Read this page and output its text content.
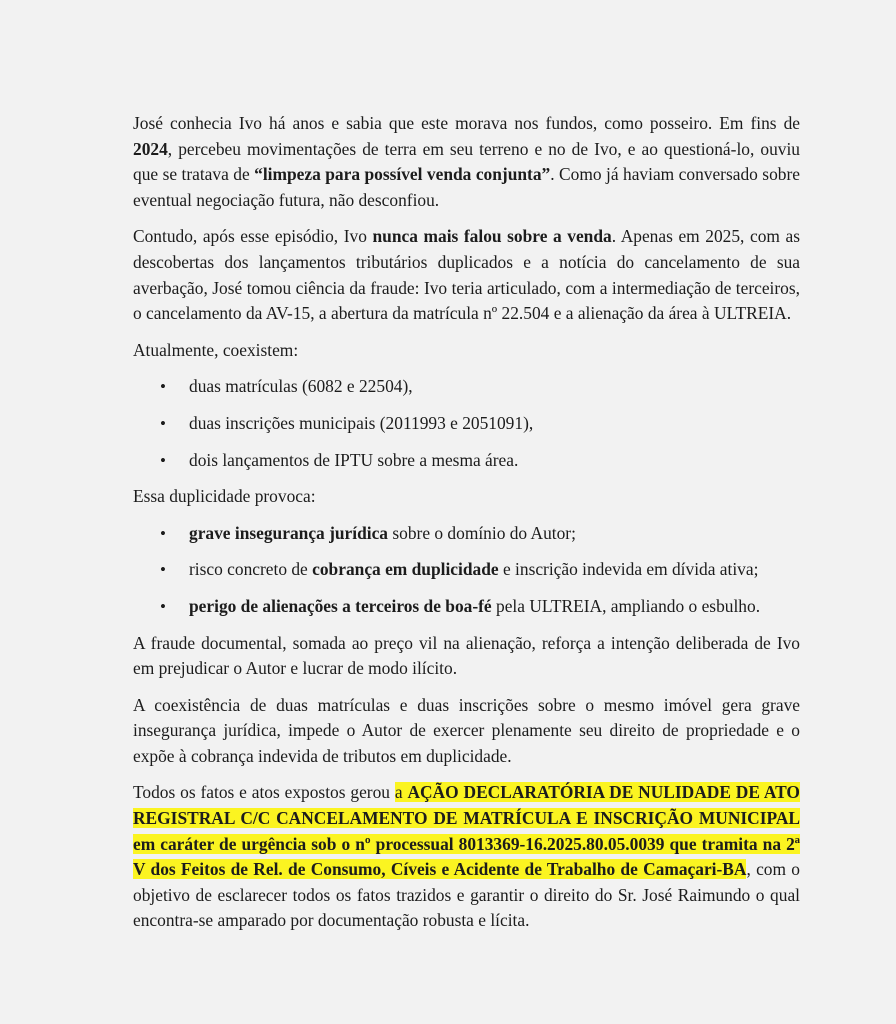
José conhecia Ivo há anos e sabia que este morava nos fundos, como posseiro. Em fins de 2024, percebeu movimentações de terra em seu terreno e no de Ivo, e ao questioná-lo, ouviu que se tratava de “limpeza para possível venda conjunta”. Como já haviam conversado sobre eventual negociação futura, não desconfiou.

Contudo, após esse episódio, Ivo nunca mais falou sobre a venda. Apenas em 2025, com as descobertas dos lançamentos tributários duplicados e a notícia do cancelamento de sua averbação, José tomou ciência da fraude: Ivo teria articulado, com a intermediação de terceiros, o cancelamento da AV-15, a abertura da matrícula nº 22.504 e a alienação da área à ULTREIA.

Atualmente, coexistem:

• duas matrículas (6082 e 22504),
• duas inscrições municipais (2011993 e 2051091),
• dois lançamentos de IPTU sobre a mesma área.

Essa duplicidade provoca:

• grave insegurança jurídica sobre o domínio do Autor;
• risco concreto de cobrança em duplicidade e inscrição indevida em dívida ativa;
• perigo de alienações a terceiros de boa-fé pela ULTREIA, ampliando o esbulho.

A fraude documental, somada ao preço vil na alienação, reforça a intenção deliberada de Ivo em prejudicar o Autor e lucrar de modo ilícito.

A coexistência de duas matrículas e duas inscrições sobre o mesmo imóvel gera grave insegurança jurídica, impede o Autor de exercer plenamente seu direito de propriedade e o expõe à cobrança indevida de tributos em duplicidade.

Todos os fatos e atos expostos gerou a AÇÃO DECLARATÓRIA DE NULIDADE DE ATO REGISTRAL C/C CANCELAMENTO DE MATRÍCULA E INSCRIÇÃO MUNICIPAL em caráter de urgência sob o nº processual 8013369-16.2025.80.05.0039 que tramita na 2ª V dos Feitos de Rel. de Consumo, Cíveis e Acidente de Trabalho de Camaçari-BA, com o objetivo de esclarecer todos os fatos trazidos e garantir o direito do Sr. José Raimundo o qual encontra-se amparado por documentação robusta e lícita.
